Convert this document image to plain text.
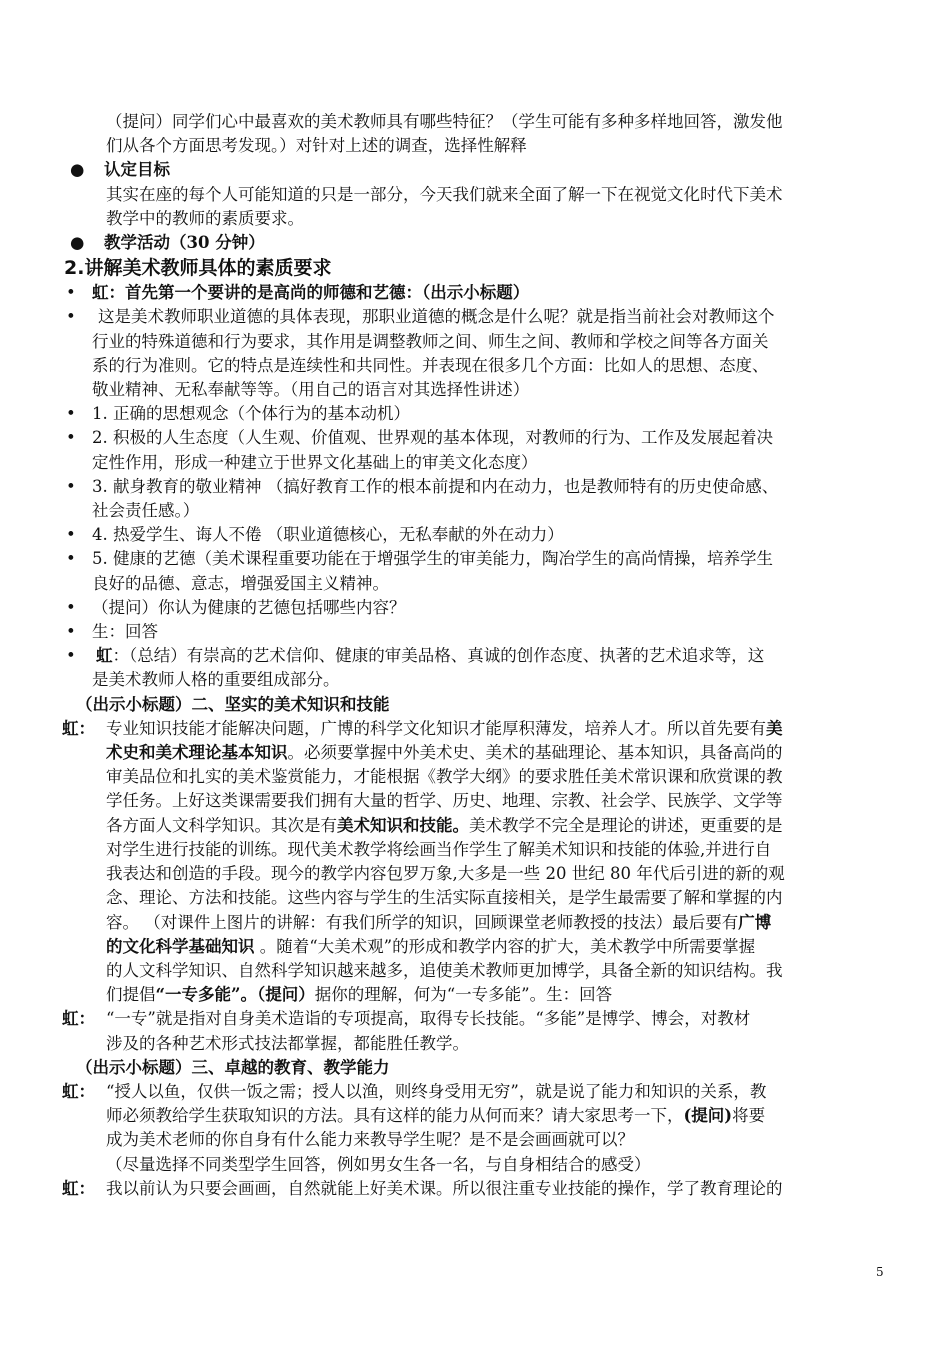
（提问）同学们心中最喜欢的美术教师具有哪些特征？（学生可能有多种多样地回答，激发他
们从各个方面思考发现。）对针对上述的调查，选择性解释
● 认定目标
其实在座的每个人可能知道的只是一部分，今天我们就来全面了解一下在视觉文化时代下美术
教学中的教师的素质要求。
● 教学活动（30 分钟）
2.讲解美术教师具体的素质要求
• 虹：首先第一个要讲的是高尚的师德和艺德：（出示小标题）
•	这是美术教师职业道德的具体表现，那职业道德的概念是什么呢？就是指当前社会对教师这个
行业的特殊道德和行为要求，其作用是调整教师之间、师生之间、教师和学校之间等各方面关
系的行为准则。它的特点是连续性和共同性。并表现在很多几个方面：比如人的思想、态度、
敬业精神、无私奉献等等。（用自己的语言对其选择性讲述）
• 1. 正确的思想观念（个体行为的基本动机）
• 2. 积极的人生态度（人生观、价值观、世界观的基本体现，对教师的行为、工作及发展起着决
定性作用，形成一种建立于世界文化基础上的审美文化态度）
• 3. 献身教育的敬业精神 （搞好教育工作的根本前提和内在动力，也是教师特有的历史使命感、
社会责任感。）
• 4. 热爱学生、诲人不倦 （职业道德核心，无私奉献的外在动力）
• 5. 健康的艺德（美术课程重要功能在于增强学生的审美能力，陶冶学生的高尚情操，培养学生
良好的品德、意志，增强爱国主义精神。
• （提问）你认为健康的艺德包括哪些内容？
• 生：回答
• 虹：（总结）有崇高的艺术信仰、健康的审美品格、真诚的创作态度、执著的艺术追求等，这
是美术教师人格的重要组成部分。
（出示小标题）二、坚实的美术知识和技能
虹： 专业知识技能才能解决问题，广博的科学文化知识才能厚积薄发，培养人才。所以首先要有美
术史和美术理论基本知识。必须要掌握中外美术史、美术的基础理论、基本知识，具备高尚的
审美品位和扎实的美术鉴赏能力，才能根据《教学大纲》的要求胜任美术常识课和欣赏课的教
学任务。上好这类课需要我们拥有大量的哲学、历史、地理、宗教、社会学、民族学、文学等
各方面人文科学知识。其次是有美术知识和技能。美术教学不完全是理论的讲述，更重要的是
对学生进行技能的训练。现代美术教学将绘画当作学生了解美术知识和技能的体验,并进行自
我表达和创造的手段。现今的教学内容包罗万象,大多是一些 20 世纪 80 年代后引进的新的观
念、理论、方法和技能。这些内容与学生的生活实际直接相关，是学生最需要了解和掌握的内
容。 （对课件上图片的讲解：有我们所学的知识，回顾课堂老师教授的技法）最后要有广博
的文化科学基础知识 。随着“大美术观”的形成和教学内容的扩大，美术教学中所需要掌握
的人文科学知识、自然科学知识越来越多，追使美术教师更加博学，具备全新的知识结构。我
们提倡“一专多能”。（提问）据你的理解，何为“一专多能”。生：回答
虹： “一专”就是指对自身美术造诣的专项提高，取得专长技能。“多能”是博学、博会，对教材
涉及的各种艺术形式技法都掌握，都能胜任教学。
（出示小标题）三、卓越的教育、教学能力
虹： “授人以鱼，仅供一饭之需；授人以渔，则终身受用无穷”，就是说了能力和知识的关系，教
师必须教给学生获取知识的方法。具有这样的能力从何而来？请大家思考一下，(提问)将要
成为美术老师的你自身有什么能力来教导学生呢？是不是会画画就可以？
（尽量选择不同类型学生回答，例如男女生各一名，与自身相结合的感受）
虹： 我以前认为只要会画画，自然就能上好美术课。所以很注重专业技能的操作，学了教育理论的
5
